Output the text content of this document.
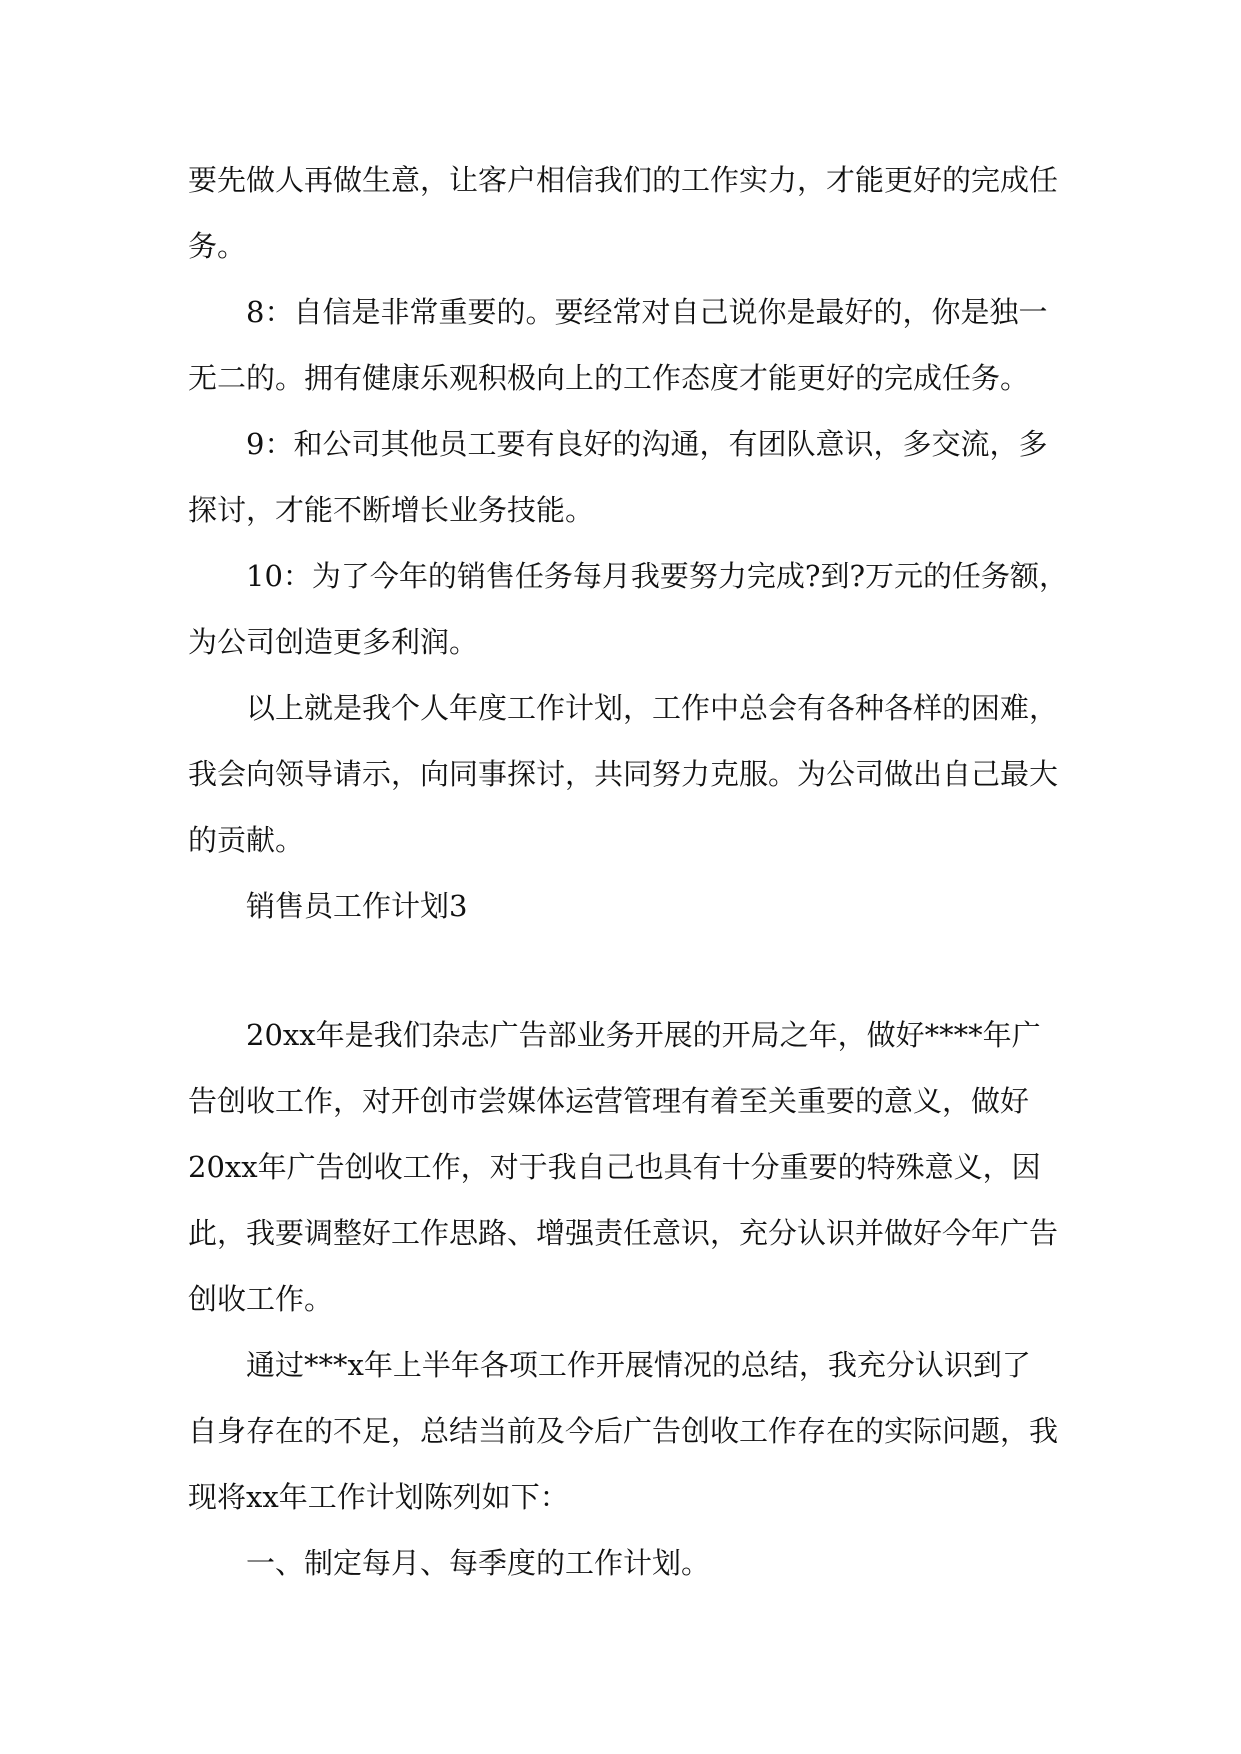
要先做人再做生意，让客户相信我们的工作实力，才能更好的完成任

务。

8：自信是非常重要的。要经常对自己说你是最好的，你是独一

无二的。拥有健康乐观积极向上的工作态度才能更好的完成任务。

9：和公司其他员工要有良好的沟通，有团队意识，多交流，多

探讨，才能不断增长业务技能。

10：为了今年的销售任务每月我要努力完成?到?万元的任务额，

为公司创造更多利润。

以上就是我个人年度工作计划，工作中总会有各种各样的困难，

我会向领导请示，向同事探讨，共同努力克服。为公司做出自己最大

的贡献。

销售员工作计划3

20xx年是我们杂志广告部业务开展的开局之年，做好****年广

告创收工作，对开创市尝媒体运营管理有着至关重要的意义，做好

20xx年广告创收工作，对于我自己也具有十分重要的特殊意义，因

此，我要调整好工作思路、增强责任意识，充分认识并做好今年广告

创收工作。

通过***x年上半年各项工作开展情况的总结，我充分认识到了

自身存在的不足，总结当前及今后广告创收工作存在的实际问题，我

现将xx年工作计划陈列如下：

一、制定每月、每季度的工作计划。
